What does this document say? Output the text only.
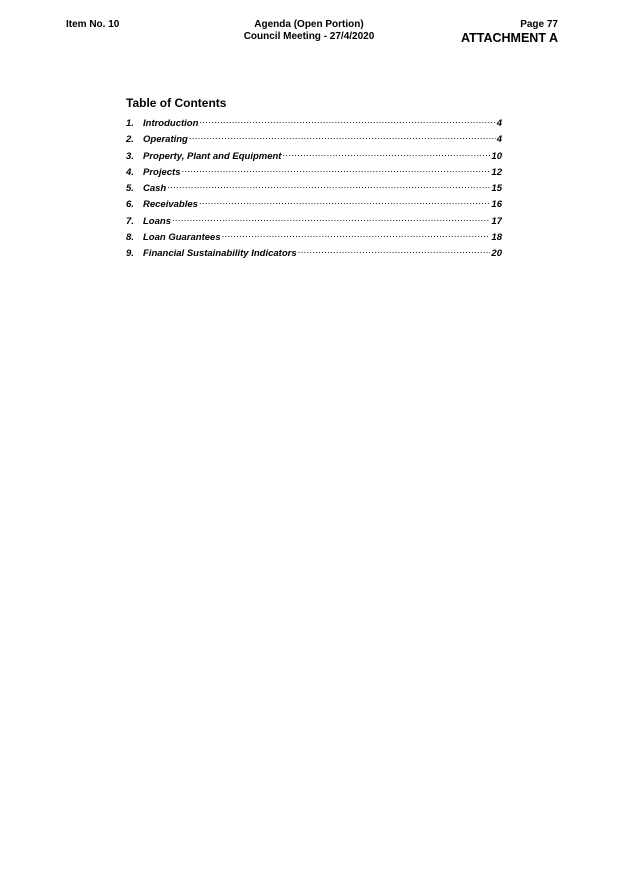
Item No. 10	Agenda (Open Portion)
Council Meeting - 27/4/2020
Page 77
ATTACHMENT A
Table of Contents
1. Introduction .....	4
2. Operating .....	4
3. Property, Plant and Equipment .....	10
4. Projects .....	12
5. Cash .....	15
6. Receivables .....	16
7. Loans .....	17
8. Loan Guarantees .....	18
9. Financial Sustainability Indicators .....	20
